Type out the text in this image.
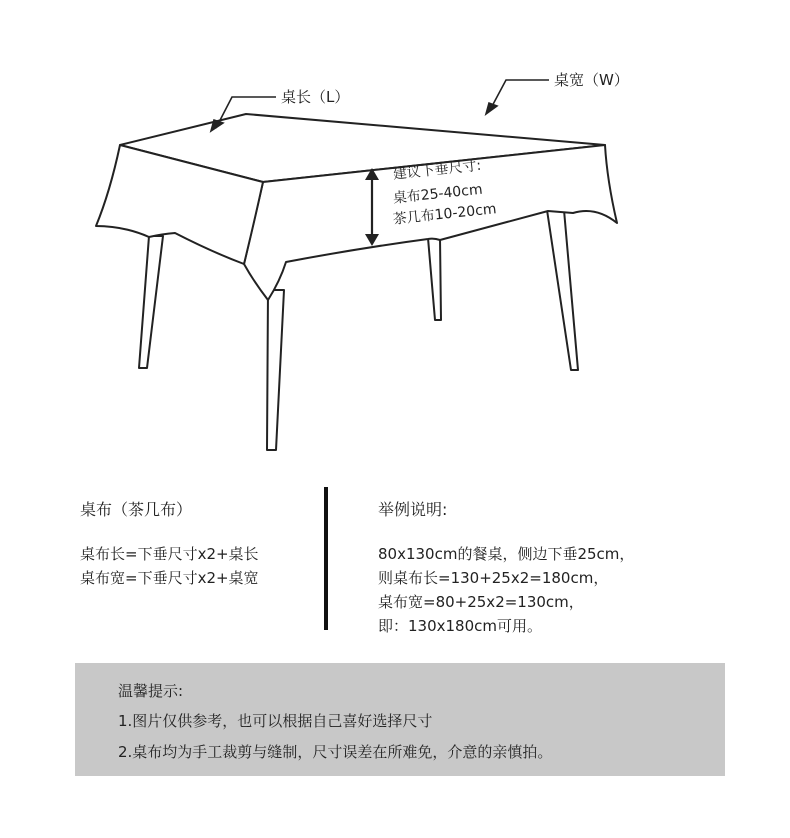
桌长（L）
桌宽（W）
建议下垂尺寸:
桌布25-40cm
茶几布10-20cm
桌布（茶几布）
桌布长=下垂尺寸x2+桌长
桌布宽=下垂尺寸x2+桌宽
举例说明:
80x130cm的餐桌，侧边下垂25cm，
则桌布长=130+25x2=180cm，
桌布宽=80+25x2=130cm，
即：130x180cm可用。
温馨提示:
1.图片仅供参考，也可以根据自己喜好选择尺寸
2.桌布均为手工裁剪与缝制，尺寸误差在所难免，介意的亲慎拍。
